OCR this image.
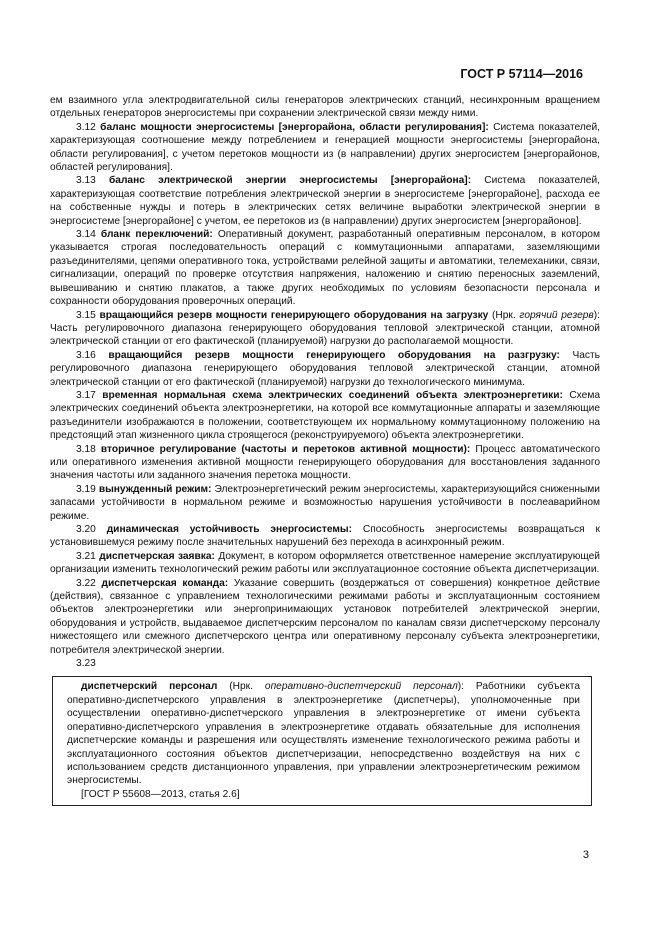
ГОСТ Р 57114—2016

ем взаимного угла электродвигательной силы генераторов электрических станций, несинхронным вращением отдельных генераторов энергосистемы при сохранении электрической связи между ними.

3.12 баланс мощности энергосистемы [энергорайона, области регулирования]: Система показателей, характеризующая соотношение между потреблением и генерацией мощности энергосистемы [энергорайона, области регулирования], с учетом перетоков мощности из (в направлении) других энергосистем [энергорайонов, областей регулирования].

3.13 баланс электрической энергии энергосистемы [энергорайона]: Система показателей, характеризующая соответствие потребления электрической энергии в энергосистеме [энергорайоне], расхода ее на собственные нужды и потерь в электрических сетях величине выработки электрической энергии в энергосистеме [энергорайоне] с учетом, ее перетоков из (в направлении) других энергосистем [энергорайонов].

3.14 бланк переключений: Оперативный документ, разработанный оперативным персоналом, в котором указывается строгая последовательность операций с коммутационными аппаратами, заземляющими разъединителями, цепями оперативного тока, устройствами релейной защиты и автоматики, телемеханики, связи, сигнализации, операций по проверке отсутствия напряжения, наложению и снятию переносных заземлений, вывешиванию и снятию плакатов, а также других необходимых по условиям безопасности персонала и сохранности оборудования проверочных операций.

3.15 вращающийся резерв мощности генерирующего оборудования на загрузку (Нрк. горячий резерв): Часть регулировочного диапазона генерирующего оборудования тепловой электрической станции, атомной электрической станции от его фактической (планируемой) нагрузки до располагаемой мощности.

3.16 вращающийся резерв мощности генерирующего оборудования на разгрузку: Часть регулировочного диапазона генерирующего оборудования тепловой электрической станции, атомной электрической станции от его фактической (планируемой) нагрузки до технологического минимума.

3.17 временная нормальная схема электрических соединений объекта электроэнергетики: Схема электрических соединений объекта электроэнергетики, на которой все коммутационные аппараты и заземляющие разъединители изображаются в положении, соответствующем их нормальному коммутационному положению на предстоящий этап жизненного цикла строящегося (реконструируемого) объекта электроэнергетики.

3.18 вторичное регулирование (частоты и перетоков активной мощности): Процесс автоматического или оперативного изменения активной мощности генерирующего оборудования для восстановления заданного значения частоты или заданного значения перетока мощности.

3.19 вынужденный режим: Электроэнергетический режим энергосистемы, характеризующийся сниженными запасами устойчивости в нормальном режиме и возможностью нарушения устойчивости в послеаварийном режиме.

3.20 динамическая устойчивость энергосистемы: Способность энергосистемы возвращаться к установившемуся режиму после значительных нарушений без перехода в асинхронный режим.

3.21 диспетчерская заявка: Документ, в котором оформляется ответственное намерение эксплуатирующей организации изменить технологический режим работы или эксплуатационное состояние объекта диспетчеризации.

3.22 диспетчерская команда: Указание совершить (воздержаться от совершения) конкретное действие (действия), связанное с управлением технологическими режимами работы и эксплуатационным состоянием объектов электроэнергетики или энергопринимающих установок потребителей электрической энергии, оборудования и устройств, выдаваемое диспетчерским персоналом по каналам связи диспетчерскому персоналу нижестоящего или смежного диспетчерского центра или оперативному персоналу субъекта электроэнергетики, потребителя электрической энергии.

3.23

диспетчерский персонал (Нрк. оперативно-диспетчерский персонал): Работники субъекта оперативно-диспетчерского управления в электроэнергетике (диспетчеры), уполномоченные при осуществлении оперативно-диспетчерского управления в электроэнергетике от имени субъекта оперативно-диспетчерского управления в электроэнергетике отдавать обязательные для исполнения диспетчерские команды и разрешения или осуществлять изменение технологического режима работы и эксплуатационного состояния объектов диспетчеризации, непосредственно воздействуя на них с использованием средств дистанционного управления, при управлении электроэнергетическим режимом энергосистемы.

[ГОСТ Р 55608—2013, статья 2.6]

3
